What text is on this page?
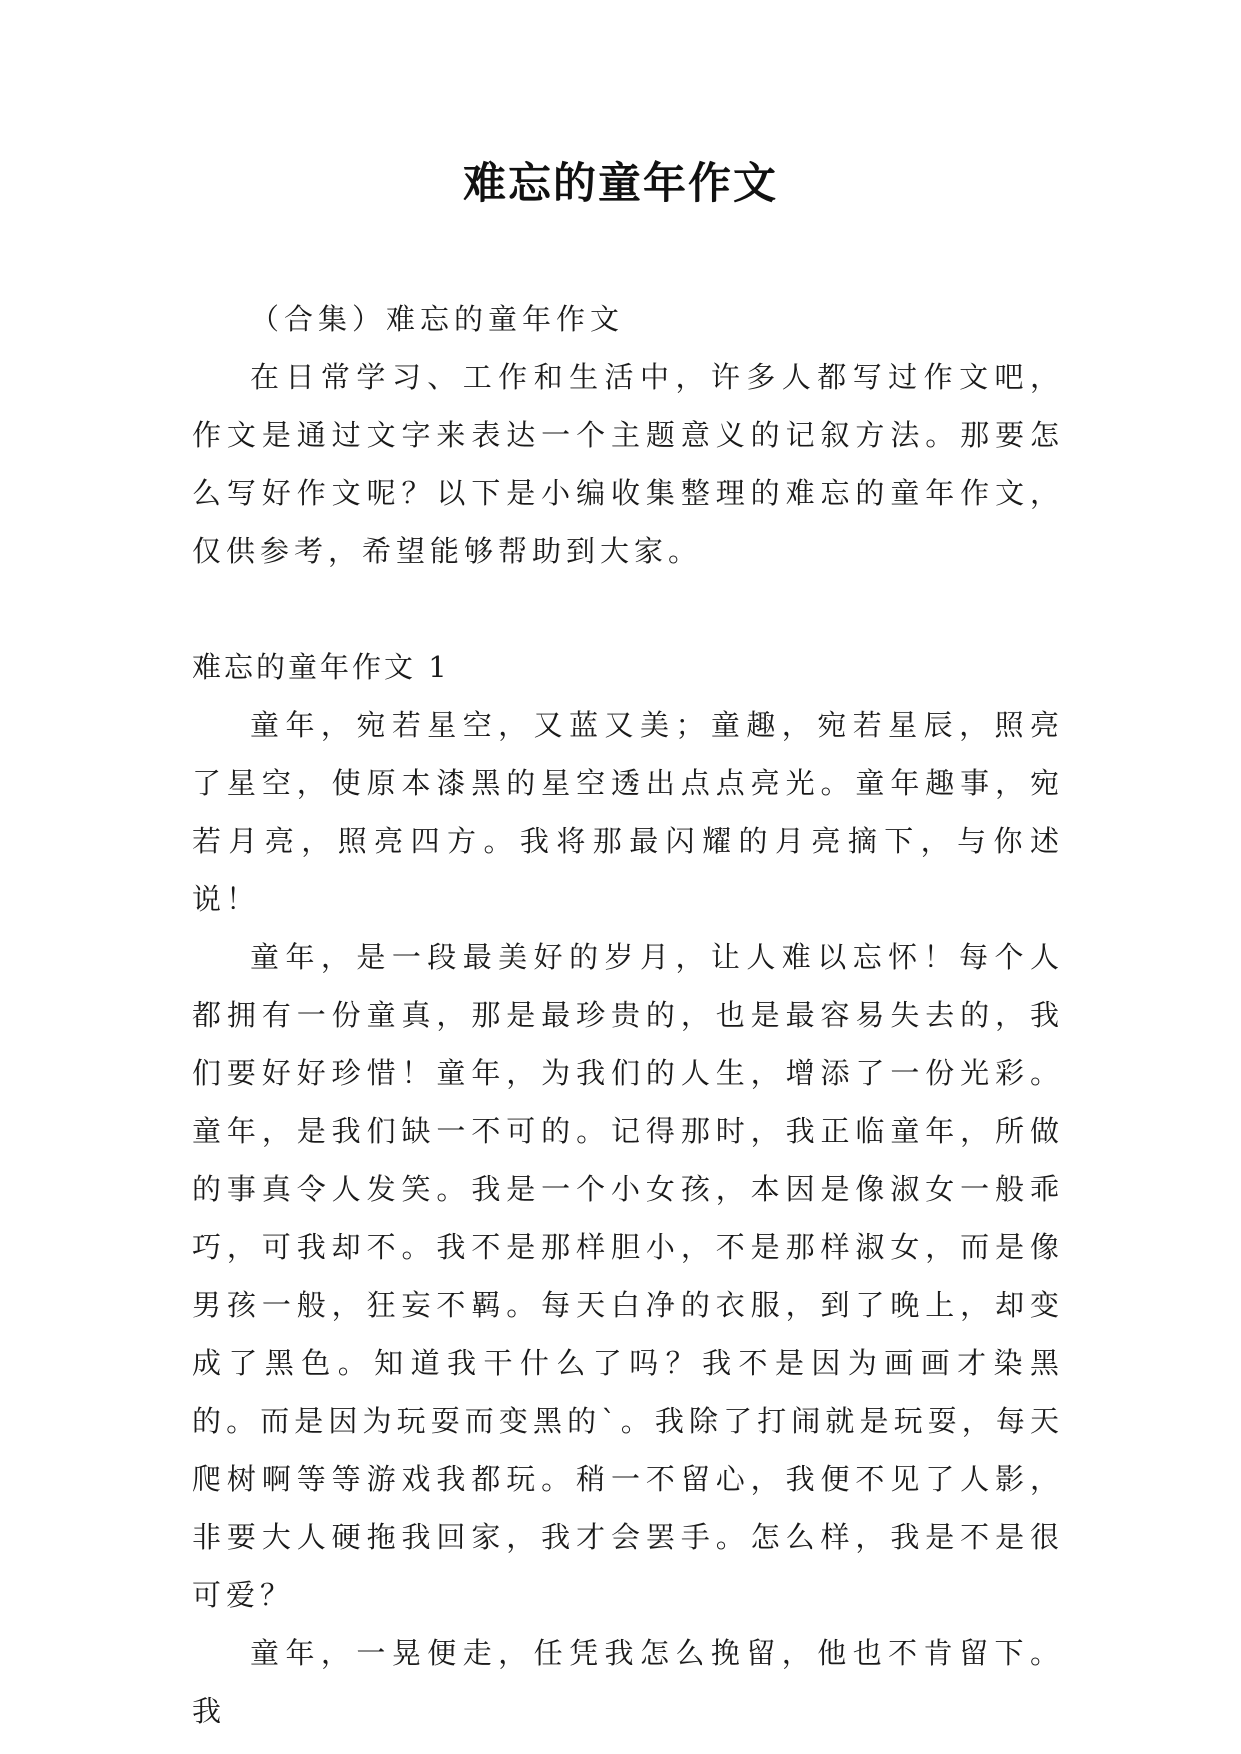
难忘的童年作文

（合集）难忘的童年作文

在日常学习、工作和生活中，许多人都写过作文吧，作文是通过文字来表达一个主题意义的记叙方法。那要怎么写好作文呢？以下是小编收集整理的难忘的童年作文，仅供参考，希望能够帮助到大家。

难忘的童年作文 1

童年，宛若星空，又蓝又美；童趣，宛若星辰，照亮了星空，使原本漆黑的星空透出点点亮光。童年趣事，宛若月亮，照亮四方。我将那最闪耀的月亮摘下，与你述说！

童年，是一段最美好的岁月，让人难以忘怀！每个人都拥有一份童真，那是最珍贵的，也是最容易失去的，我们要好好珍惜！童年，为我们的人生，增添了一份光彩。童年，是我们缺一不可的。记得那时，我正临童年，所做的事真令人发笑。我是一个小女孩，本因是像淑女一般乖巧，可我却不。我不是那样胆小，不是那样淑女，而是像男孩一般，狂妄不羁。每天白净的衣服，到了晚上，却变成了黑色。知道我干什么了吗？我不是因为画画才染黑的。而是因为玩耍而变黑的`。我除了打闹就是玩耍，每天爬树啊等等游戏我都玩。稍一不留心，我便不见了人影，非要大人硬拖我回家，我才会罢手。怎么样，我是不是很可爱？

童年，一晃便走，任凭我怎么挽留，他也不肯留下。我
